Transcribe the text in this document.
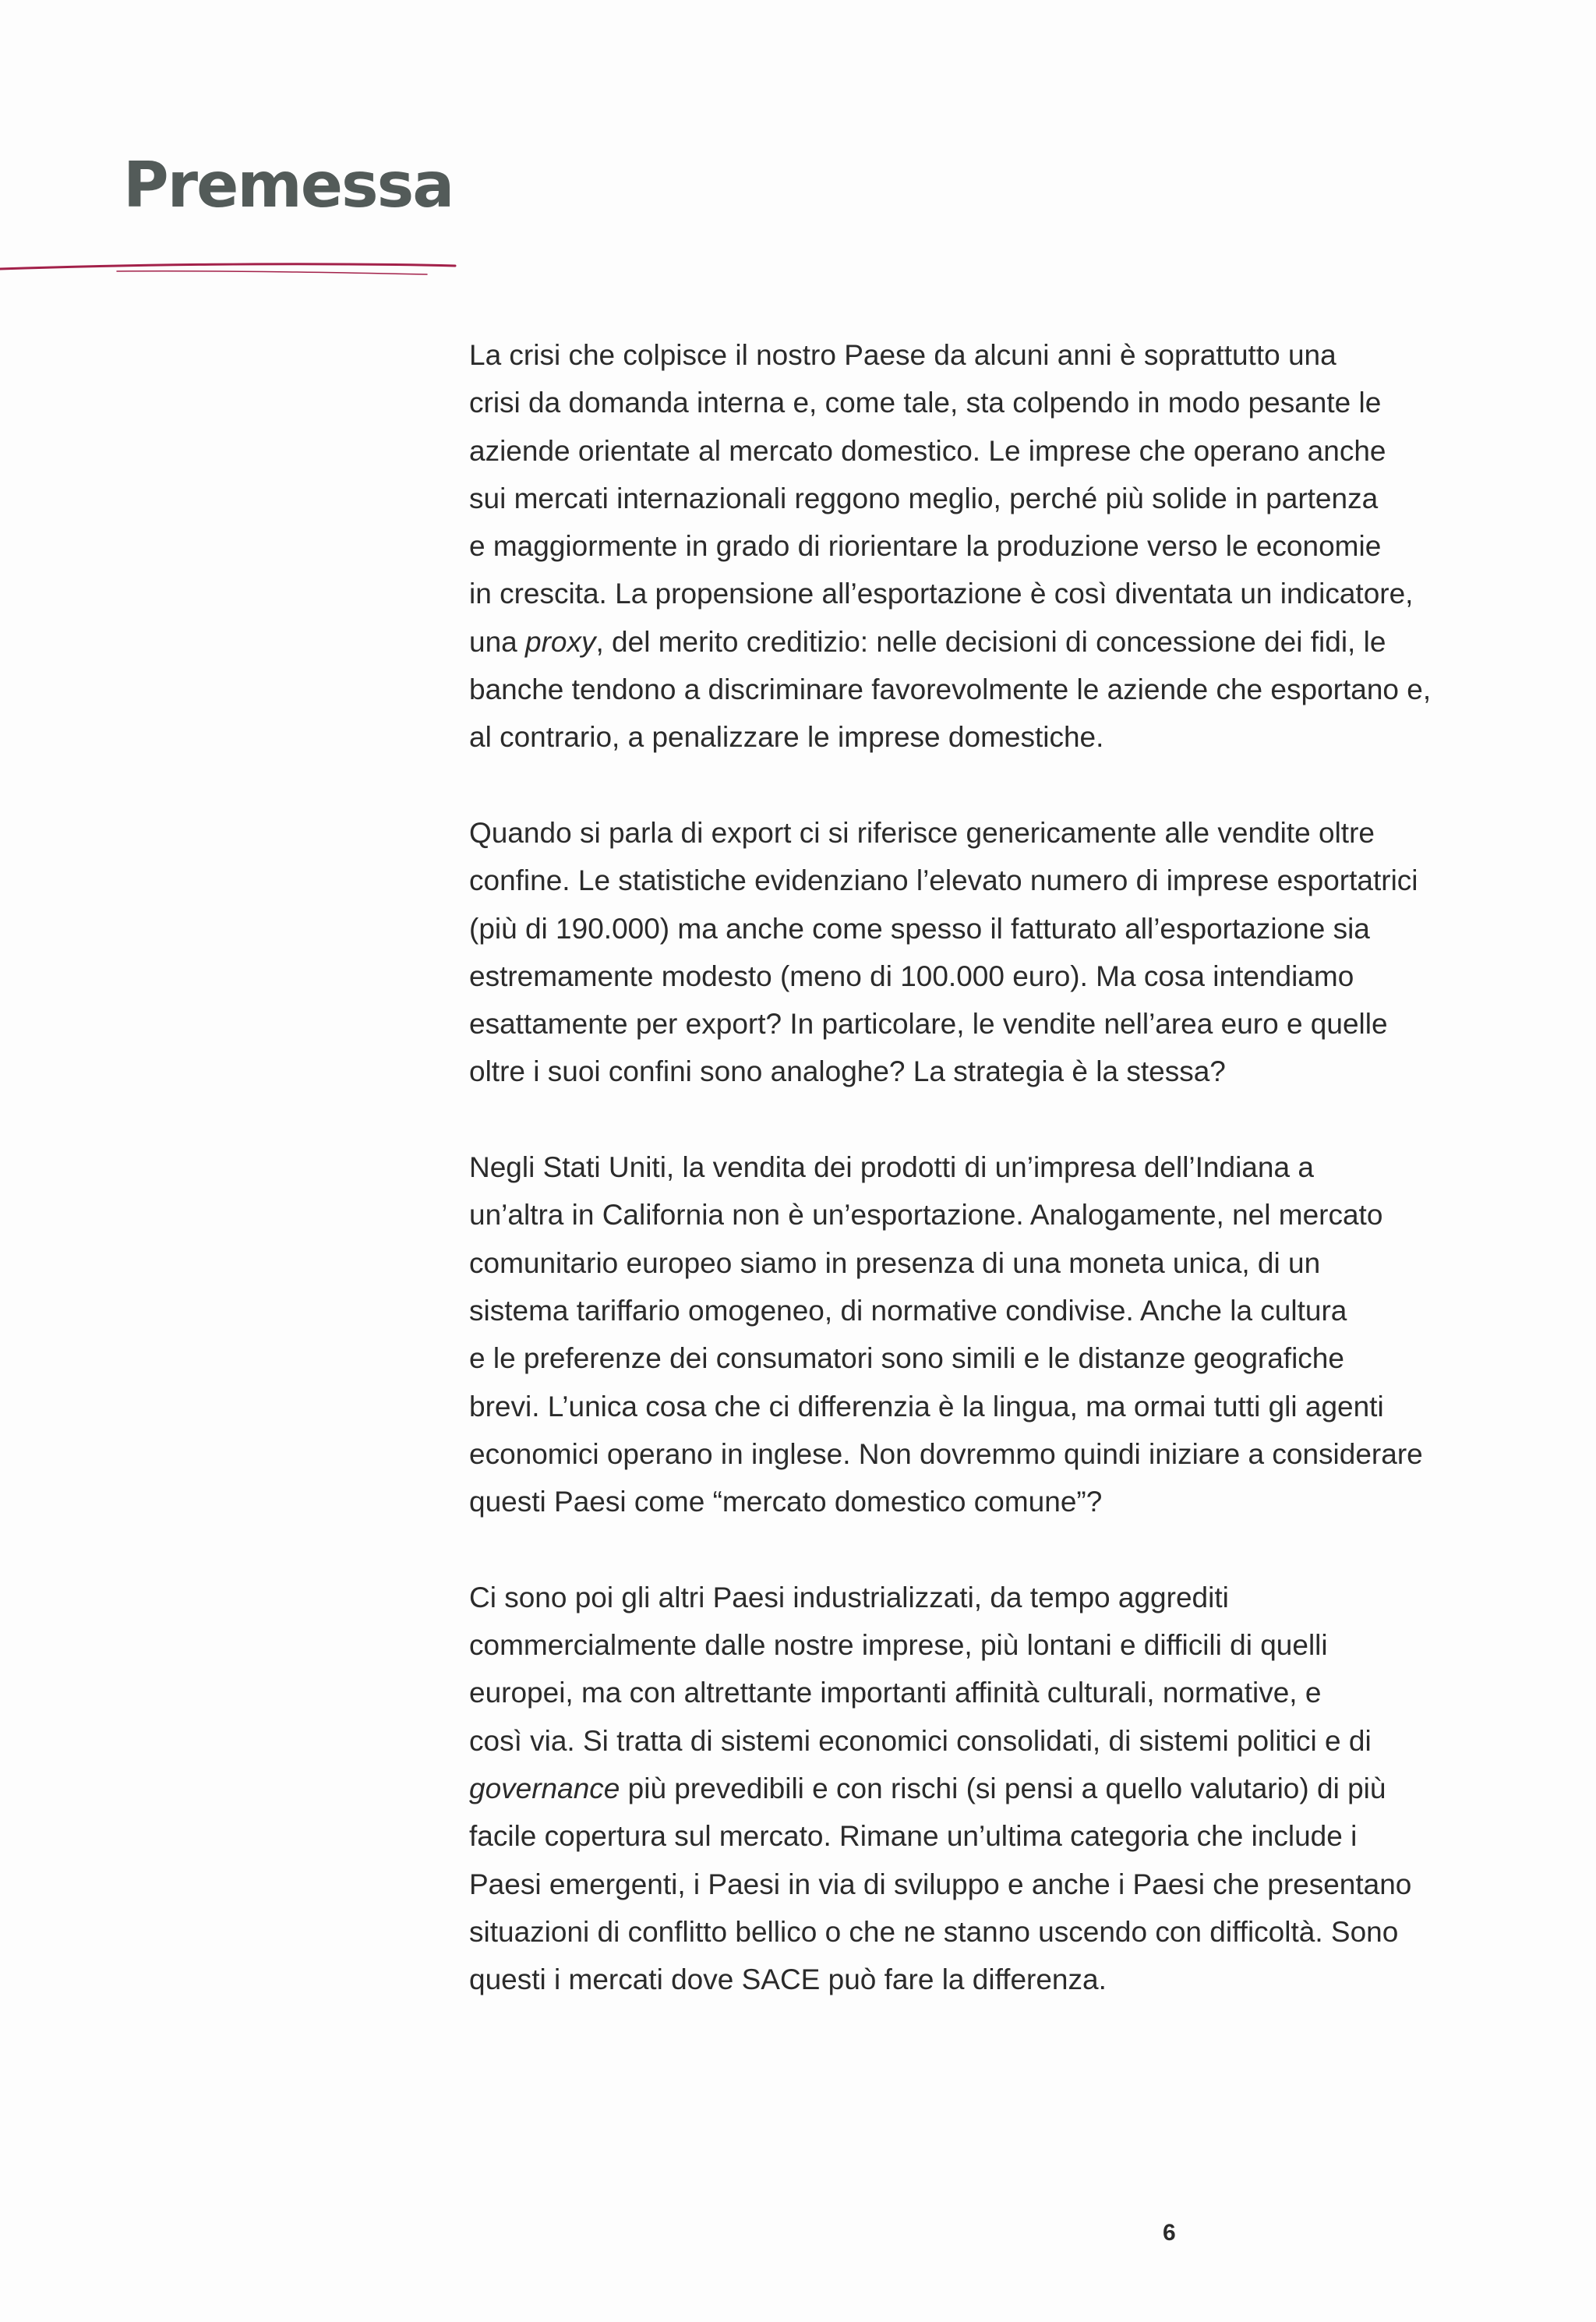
Premessa
La crisi che colpisce il nostro Paese da alcuni anni è soprattutto una
crisi da domanda interna e, come tale, sta colpendo in modo pesante le
aziende orientate al mercato domestico. Le imprese che operano anche
sui mercati internazionali reggono meglio, perché più solide in partenza
e maggiormente in grado di riorientare la produzione verso le economie
in crescita. La propensione all’esportazione è così diventata un indicatore,
una proxy, del merito creditizio: nelle decisioni di concessione dei fidi, le
banche tendono a discriminare favorevolmente le aziende che esportano e,
al contrario, a penalizzare le imprese domestiche.
Quando si parla di export ci si riferisce genericamente alle vendite oltre
confine. Le statistiche evidenziano l’elevato numero di imprese esportatrici
(più di 190.000) ma anche come spesso il fatturato all’esportazione sia
estremamente modesto (meno di 100.000 euro). Ma cosa intendiamo
esattamente per export? In particolare, le vendite nell’area euro e quelle
oltre i suoi confini sono analoghe? La strategia è la stessa?
Negli Stati Uniti, la vendita dei prodotti di un’impresa dell’Indiana a
un’altra in California non è un’esportazione. Analogamente, nel mercato
comunitario europeo siamo in presenza di una moneta unica, di un
sistema tariffario omogeneo, di normative condivise. Anche la cultura
e le preferenze dei consumatori sono simili e le distanze geografiche
brevi. L’unica cosa che ci differenzia è la lingua, ma ormai tutti gli agenti
economici operano in inglese. Non dovremmo quindi iniziare a considerare
questi Paesi come “mercato domestico comune”?
Ci sono poi gli altri Paesi industrializzati, da tempo aggrediti
commercialmente dalle nostre imprese, più lontani e difficili di quelli
europei, ma con altrettante importanti affinità culturali, normative, e
così via. Si tratta di sistemi economici consolidati, di sistemi politici e di
governance più prevedibili e con rischi (si pensi a quello valutario) di più
facile copertura sul mercato. Rimane un’ultima categoria che include i
Paesi emergenti, i Paesi in via di sviluppo e anche i Paesi che presentano
situazioni di conflitto bellico o che ne stanno uscendo con difficoltà. Sono
questi i mercati dove SACE può fare la differenza.
6
